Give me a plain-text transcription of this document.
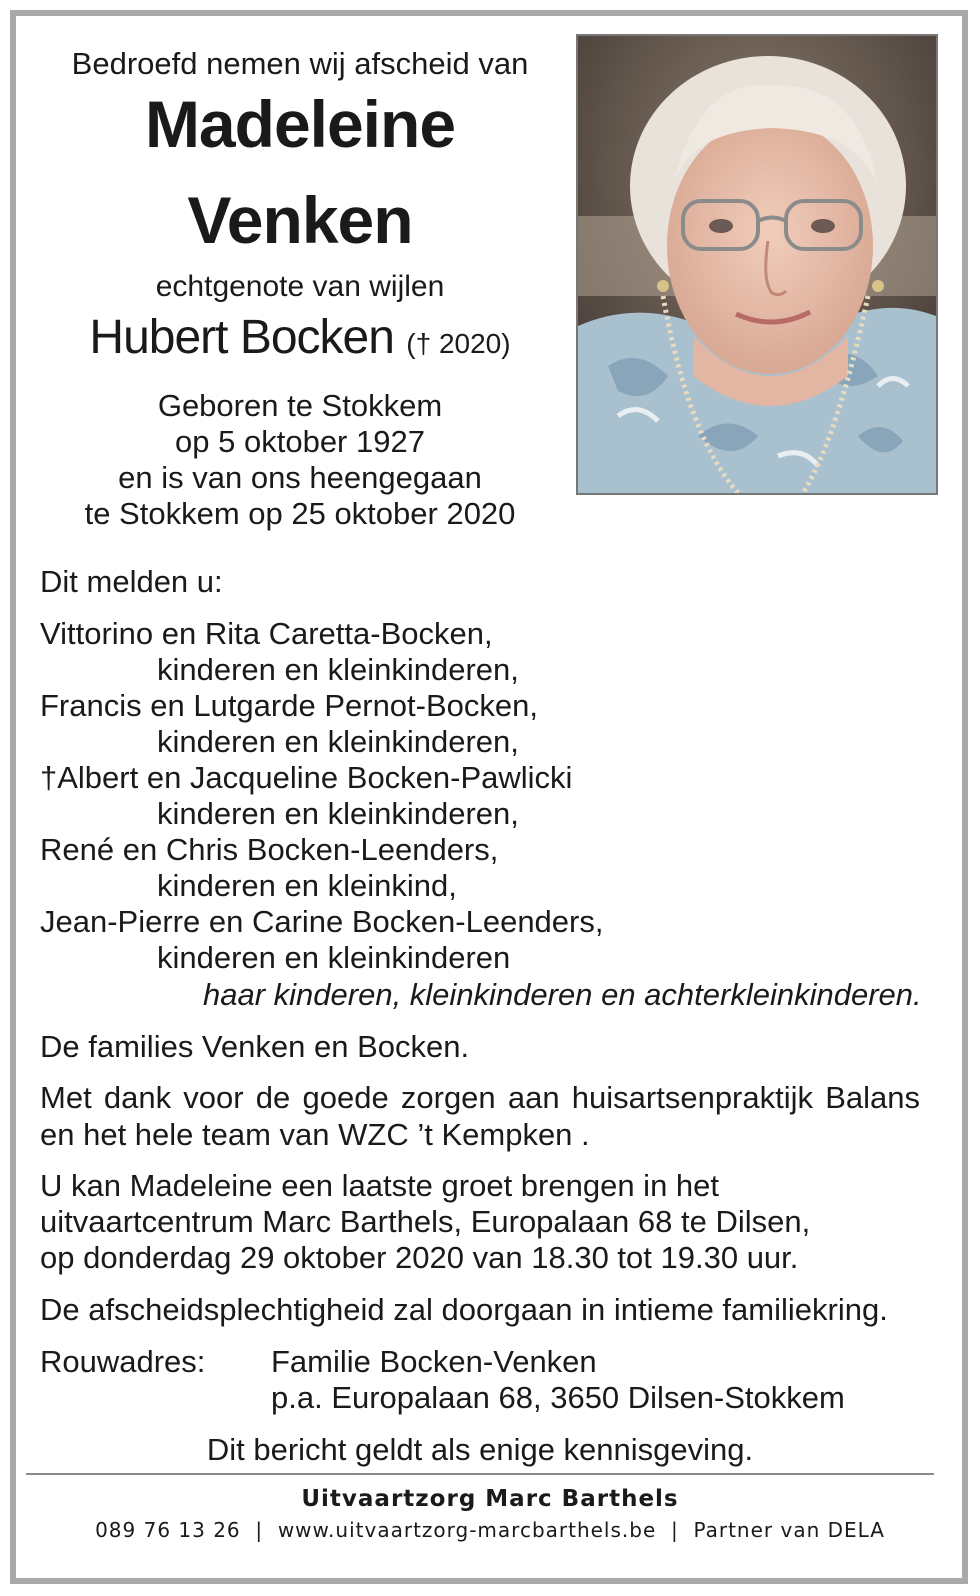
Bedroefd nemen wij afscheid van
Madeleine
Venken
echtgenote van wijlen
Hubert Bocken († 2020)
Geboren te Stokkem
op 5 oktober 1927
en is van ons heengegaan
te Stokkem op 25 oktober 2020
Dit melden u:
Vittorino en Rita Caretta-Bocken,
kinderen en kleinkinderen,
Francis en Lutgarde Pernot-Bocken,
kinderen en kleinkinderen,
†Albert en Jacqueline Bocken-Pawlicki
kinderen en kleinkinderen,
René en Chris Bocken-Leenders,
kinderen en kleinkind,
Jean-Pierre en Carine Bocken-Leenders,
kinderen en kleinkinderen
haar kinderen, kleinkinderen en achterkleinkinderen.
De families Venken en Bocken.
Met dank voor de goede zorgen aan huisartsenpraktijk Balans
en het hele team van WZC ’t Kempken .
U kan Madeleine een laatste groet brengen in het
uitvaartcentrum Marc Barthels, Europalaan 68 te Dilsen,
op donderdag 29 oktober 2020 van 18.30 tot 19.30 uur.
De afscheidsplechtigheid zal doorgaan in intieme familiekring.
Rouwadres: Familie Bocken-Venken
p.a. Europalaan 68, 3650 Dilsen-Stokkem
Dit bericht geldt als enige kennisgeving.
Uitvaartzorg Marc Barthels
089 76 13 26  |  www.uitvaartzorg-marcbarthels.be  |  Partner van DELA
